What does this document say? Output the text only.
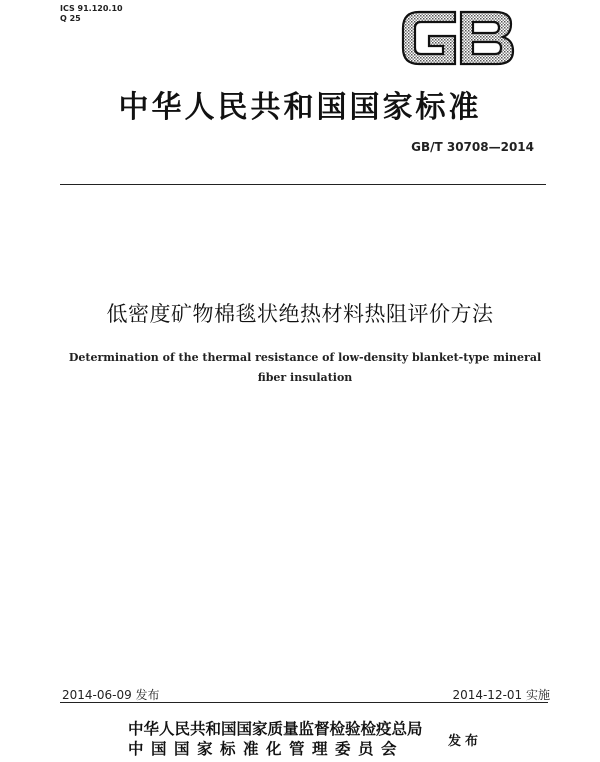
ICS 91.120.10
Q 25
中华人民共和国国家标准
GB/T 30708—2014
低密度矿物棉毯状绝热材料热阻评价方法
Determination of the thermal resistance of low-density blanket-type mineral
fiber insulation
2014-06-09 发布	2014-12-01 实施
中华人民共和国国家质量监督检验检疫总局
中国国家标准化管理委员会	发布
